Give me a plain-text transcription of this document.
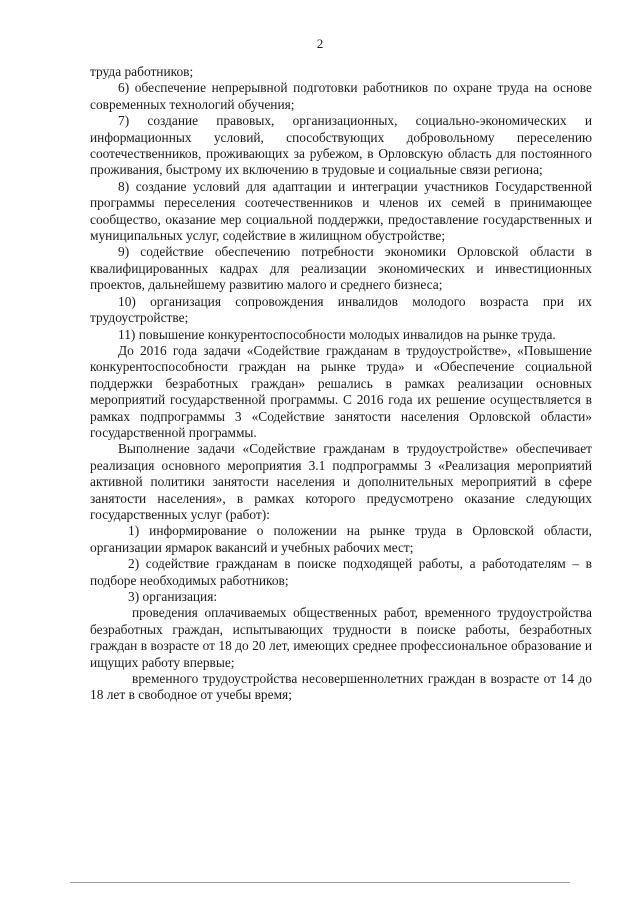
2

труда работников;

6) обеспечение непрерывной подготовки работников по охране труда на основе современных технологий обучения;

7) создание правовых, организационных, социально-экономических и информационных условий, способствующих добровольному переселению соотечественников, проживающих за рубежом, в Орловскую область для постоянного проживания, быстрому их включению в трудовые и социальные связи региона;

8) создание условий для адаптации и интеграции участников Государственной программы переселения соотечественников и членов их семей в принимающее сообщество, оказание мер социальной поддержки, предоставление государственных и муниципальных услуг, содействие в жилищном обустройстве;

9) содействие обеспечению потребности экономики Орловской области в квалифицированных кадрах для реализации экономических и инвестиционных проектов, дальнейшему развитию малого и среднего бизнеса;

10) организация сопровождения инвалидов молодого возраста при их трудоустройстве;

11) повышение конкурентоспособности молодых инвалидов на рынке труда.

До 2016 года задачи «Содействие гражданам в трудоустройстве», «Повышение конкурентоспособности граждан на рынке труда» и «Обеспечение социальной поддержки безработных граждан» решались в рамках реализации основных мероприятий государственной программы. С 2016 года их решение осуществляется в рамках подпрограммы 3 «Содействие занятости населения Орловской области» государственной программы.

Выполнение задачи «Содействие гражданам в трудоустройстве» обеспечивает реализация основного мероприятия 3.1 подпрограммы 3 «Реализация мероприятий активной политики занятости населения и дополнительных мероприятий в сфере занятости населения», в рамках которого предусмотрено оказание следующих государственных услуг (работ):

1) информирование о положении на рынке труда в Орловской области, организации ярмарок вакансий и учебных рабочих мест;

2) содействие гражданам в поиске подходящей работы, а работодателям – в подборе необходимых работников;

3) организация:

проведения оплачиваемых общественных работ, временного трудоустройства безработных граждан, испытывающих трудности в поиске работы, безработных граждан в возрасте от 18 до 20 лет, имеющих среднее профессиональное образование и ищущих работу впервые;

временного трудоустройства несовершеннолетних граждан в возрасте от 14 до 18 лет в свободное от учебы время;
